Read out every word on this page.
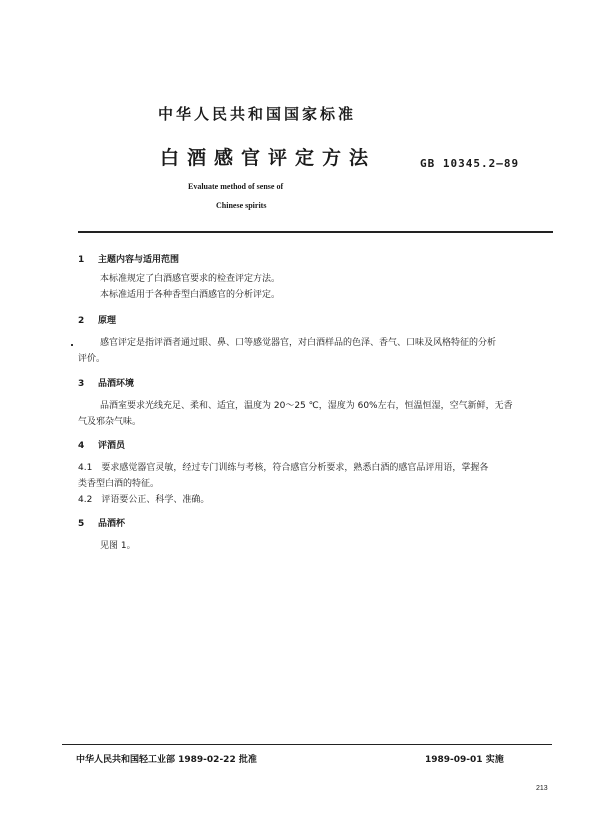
中华人民共和国国家标准
白酒感官评定方法	GB 10345.2—89
Evaluate method of sense of
Chinese spirits
1 主题内容与适用范围
本标准规定了白酒感官要求的检查评定方法。
本标准适用于各种香型白酒感官的分析评定。
2 原理
感官评定是指评酒者通过眼、鼻、口等感觉器官，对白酒样品的色泽、香气、口味及风格特征的分析
评价。
3 品酒环境
品酒室要求光线充足、柔和、适宜，温度为 20～25 ℃，湿度为 60%左右，恒温恒湿，空气新鲜，无香
气及邪杂气味。
4 评酒员
4.1　要求感觉器官灵敏，经过专门训练与考核，符合感官分析要求，熟悉白酒的感官品评用语，掌握各
类香型白酒的特征。
4.2　评语要公正、科学、准确。
5 品酒杯
见图 1。
中华人民共和国轻工业部 1989-02-22 批准	1989-09-01 实施
213
